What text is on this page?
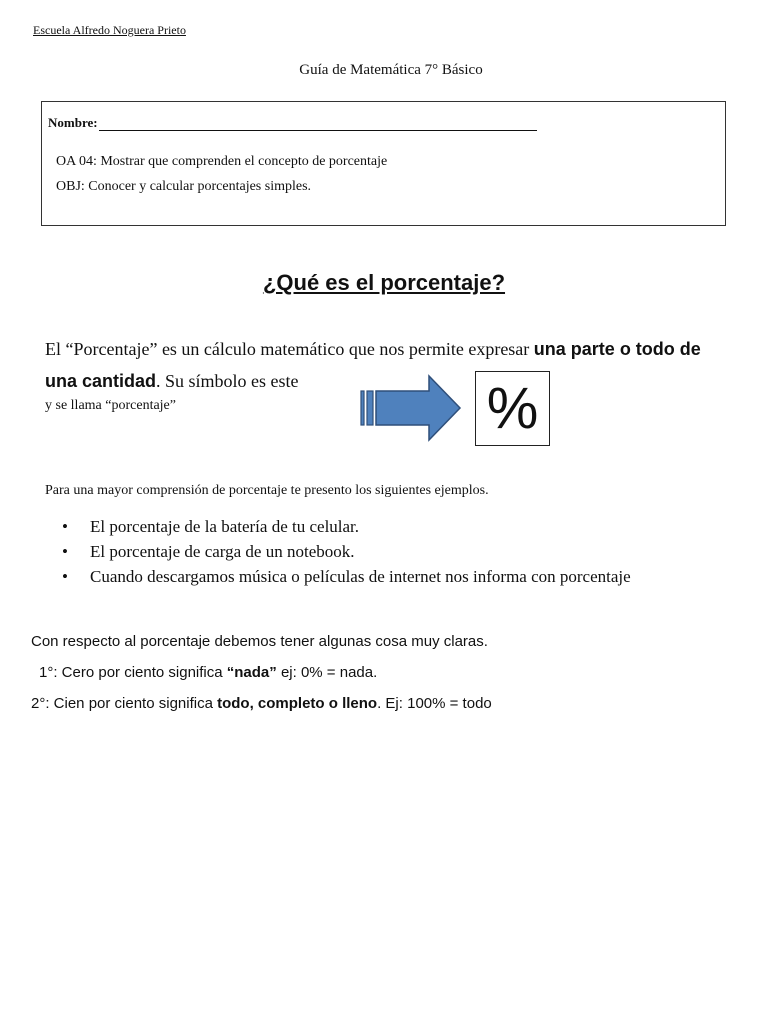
Escuela Alfredo Noguera Prieto
Guía de Matemática 7° Básico
Nombre:
OA 04: Mostrar que comprenden el concepto de porcentaje
OBJ: Conocer y calcular porcentajes simples.
¿Qué es el porcentaje?
El “Porcentaje” es un cálculo matemático que nos permite expresar una parte o todo de una cantidad. Su símbolo es este
y se llama “porcentaje”	%
Para una mayor comprensión de porcentaje te presento los siguientes ejemplos.
•	El porcentaje de la batería de tu celular.
•	El porcentaje de carga de un notebook.
•	Cuando descargamos música o películas de internet nos informa con porcentaje
Con respecto al porcentaje debemos tener algunas cosa muy claras.
1°: Cero por ciento significa “nada” ej: 0% = nada.
2°: Cien por ciento significa todo, completo o lleno. Ej: 100% = todo
